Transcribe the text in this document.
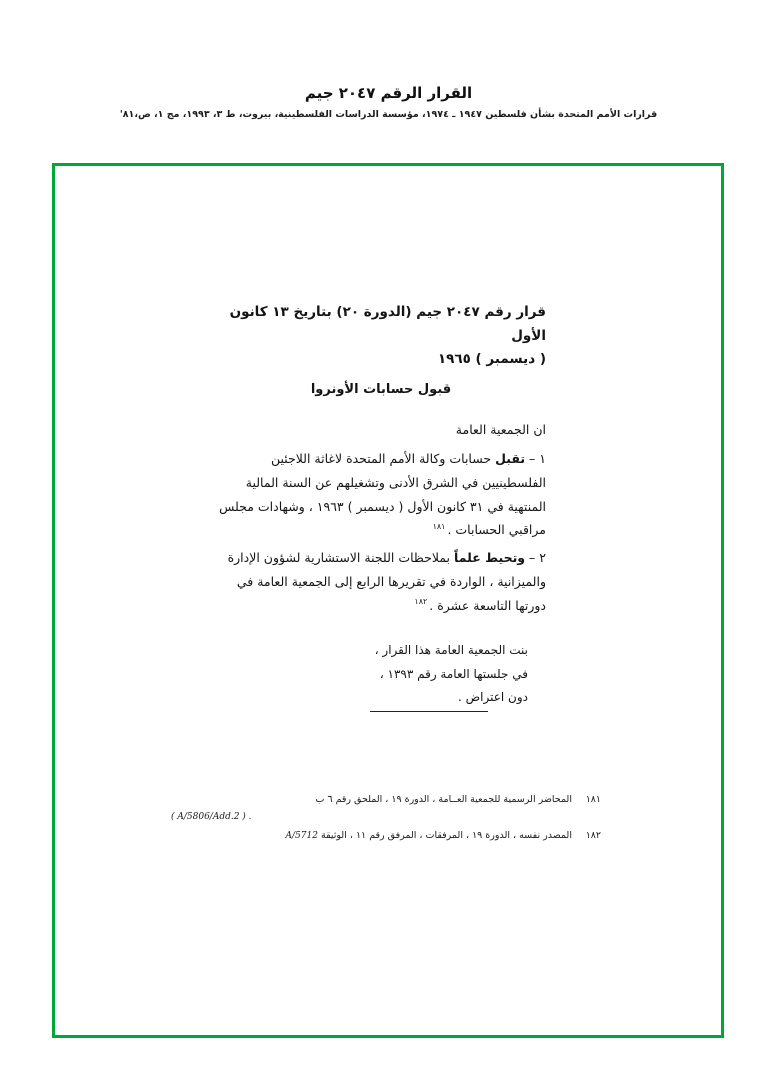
القرار الرقم ٢٠٤٧ جيم
قرارات الأمم المتحدة بشأن فلسطين ١٩٤٧ ـ ١٩٧٤، مؤسسة الدراسات الفلسطينية، بيروت، ط ٣، ١٩٩٣، مج ١، ص،٨١'
قرار رقم ٢٠٤٧ جيم (الدورة ٢٠) بتاريخ ١٣ كانون الأول
( ديسمبر ) ١٩٦٥
قبول حسابات الأونروا
ان الجمعية العامة
١ – تقبل حسابات وكالة الأمم المتحدة لاغاثة اللاجئين الفلسطينيين في الشرق الأدنى وتشغيلهم عن السنة المالية المنتهية في ٣١ كانون الأول ( ديسمبر ) ١٩٦٣ ، وشهادات مجلس مراقبي الحسابات .$^{١٨١}$
٢ – وتحيط علماً بملاحظات اللجنة الاستشارية لشؤون الإدارة والميزانية ، الواردة في تقريرها الرابع إلى الجمعية العامة في دورتها التاسعة عشرة .$^{١٨٢}$
بنت الجمعية العامة هذا القرار ،
في جلستها العامة رقم ١٣٩٣ ،
دون اعتراض .
١٨١ المحاضر الرسمية للجمعية العــامة ، الدورة ١٩ ، الملحق رقم ٦ ب
( A/5806/Add.2 ) .
١٨٢ المصدر نفسه ، الدورة ١٩ ، المرفقات ، المرفق رقم ١١ ، الوثيقة A/5712
